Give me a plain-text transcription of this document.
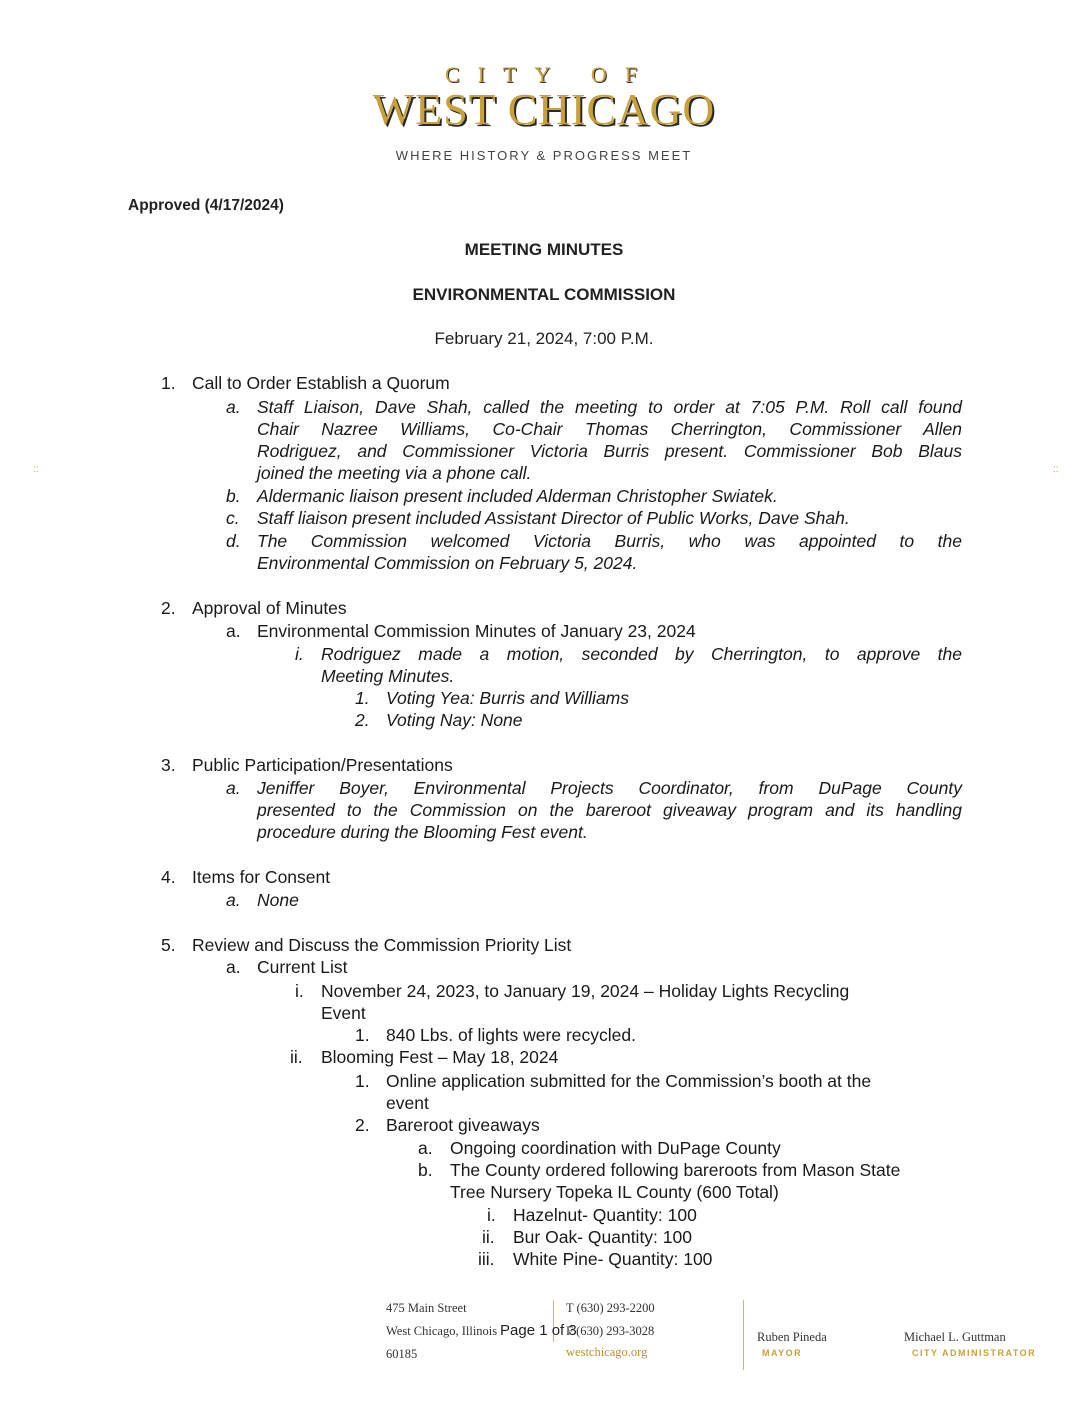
CITY OF
WEST CHICAGO
WHERE HISTORY & PROGRESS MEET
Approved (4/17/2024)
MEETING MINUTES
ENVIRONMENTAL COMMISSION
February 21, 2024, 7:00 P.M.
1. Call to Order Establish a Quorum
a. Staff Liaison, Dave Shah, called the meeting to order at 7:05 P.M. Roll call found
Chair Nazree Williams, Co-Chair Thomas Cherrington, Commissioner Allen
Rodriguez, and Commissioner Victoria Burris present. Commissioner Bob Blaus
joined the meeting via a phone call.
b. Aldermanic liaison present included Alderman Christopher Swiatek.
c. Staff liaison present included Assistant Director of Public Works, Dave Shah.
d. The Commission welcomed Victoria Burris, who was appointed to the
Environmental Commission on February 5, 2024.
2. Approval of Minutes
a. Environmental Commission Minutes of January 23, 2024
i. Rodriguez made a motion, seconded by Cherrington, to approve the
Meeting Minutes.
1. Voting Yea: Burris and Williams
2. Voting Nay: None
3. Public Participation/Presentations
a. Jeniffer Boyer, Environmental Projects Coordinator, from DuPage County
presented to the Commission on the bareroot giveaway program and its handling
procedure during the Blooming Fest event.
4. Items for Consent
a. None
5. Review and Discuss the Commission Priority List
a. Current List
i. November 24, 2023, to January 19, 2024 – Holiday Lights Recycling
Event
1. 840 Lbs. of lights were recycled.
ii. Blooming Fest – May 18, 2024
1. Online application submitted for the Commission’s booth at the
event
2. Bareroot giveaways
a. Ongoing coordination with DuPage County
b. The County ordered following bareroots from Mason State
Tree Nursery Topeka IL County (600 Total)
i. Hazelnut- Quantity: 100
ii. Bur Oak- Quantity: 100
iii. White Pine- Quantity: 100
::	::
475 Main Street
West Chicago, Illinois
60185
T (630) 293-2200
F (630) 293-3028
westchicago.org
Ruben Pineda
MAYOR
Michael L. Guttman
CITY ADMINISTRATOR
Page 1 of 3
